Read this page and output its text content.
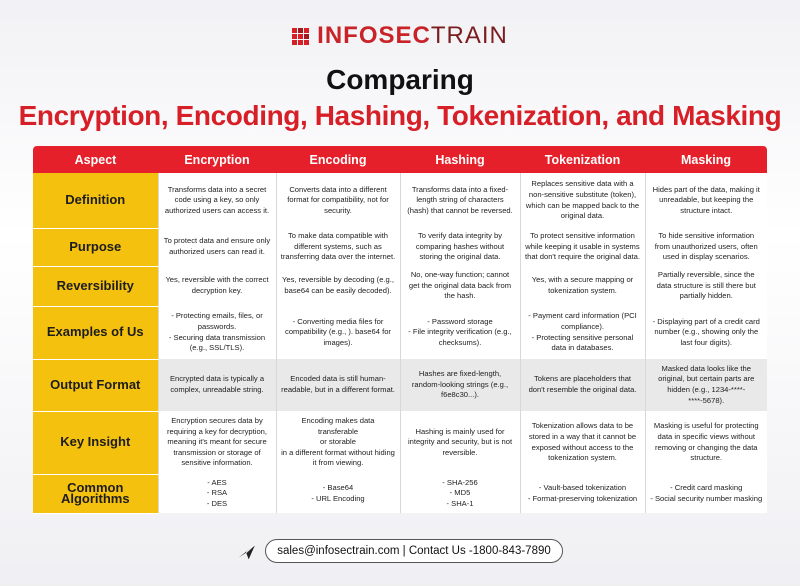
INFOSECTRAIN
Comparing
Encryption, Encoding, Hashing, Tokenization, and Masking
Aspect	Encryption	Encoding	Hashing	Tokenization	Masking
Definition	Transforms data into a secret
code using a key, so only
authorized users can access it.	Converts data into a different
format for compatibility, not for
security.	Transforms data into a fixed-
length string of characters
(hash) that cannot be reversed.	Replaces sensitive data with a
non-sensitive substitute (token),
which can be mapped back to the
original data.	Hides part of the data, making it
unreadable, but keeping the
structure intact.

Purpose	To protect data and ensure only
authorized users can read it.	To make data compatible with
different systems, such as
transferring data over the internet.	To verify data integrity by
comparing hashes without
storing the original data.	To protect sensitive information
while keeping it usable in systems
that don't require the original data.	To hide sensitive information
from unauthorized users, often
used in display scenarios.

Reversibility	Yes, reversible with the correct
decryption key.	Yes, reversible by decoding (e.g.,
base64 can be easily decoded).	No, one-way function; cannot
get the original data back from
the hash.	Yes, with a secure mapping or
tokenization system.	Partially reversible, since the
data structure is still there but
partially hidden.

Examples of Us	- Protecting emails, files, or
passwords.
- Securing data transmission
(e.g., SSL/TLS).	- Converting media files for
compatibility (e.g., ). base64 for
images).	- Password storage
- File integrity verification (e.g.,
checksums).	- Payment card information (PCI
compliance).
- Protecting sensitive personal
data in databases.	- Displaying part of a credit card
number (e.g., showing only the
last four digits).

Output Format	Encrypted data is typically a
complex, unreadable string.	Encoded data is still human-
readable, but in a different format.	Hashes are fixed-length,
random-looking strings (e.g.,
f6e8c30...).	Tokens are placeholders that
don't resemble the original data.	Masked data looks like the
original, but certain parts are
hidden (e.g., 1234-****-
****-5678).

Key Insight	Encryption secures data by
requiring a key for decryption,
meaning it's meant for secure
transmission or storage of
sensitive information.	Encoding makes data transferable
or storable
in a different format without hiding
it from viewing.	Hashing is mainly used for
integrity and security, but is not
reversible.	Tokenization allows data to be
stored in a way that it cannot be
exposed without access to the
tokenization system.	Masking is useful for protecting
data in specific views without
removing or changing the data
structure.

Common Algorithms	- AES
- RSA
- DES	- Base64
- URL Encoding	- SHA-256
- MD5
- SHA-1	- Vault-based tokenization
- Format-preserving tokenization	- Credit card masking
- Social security number masking
sales@infosectrain.com | Contact Us -1800-843-7890
